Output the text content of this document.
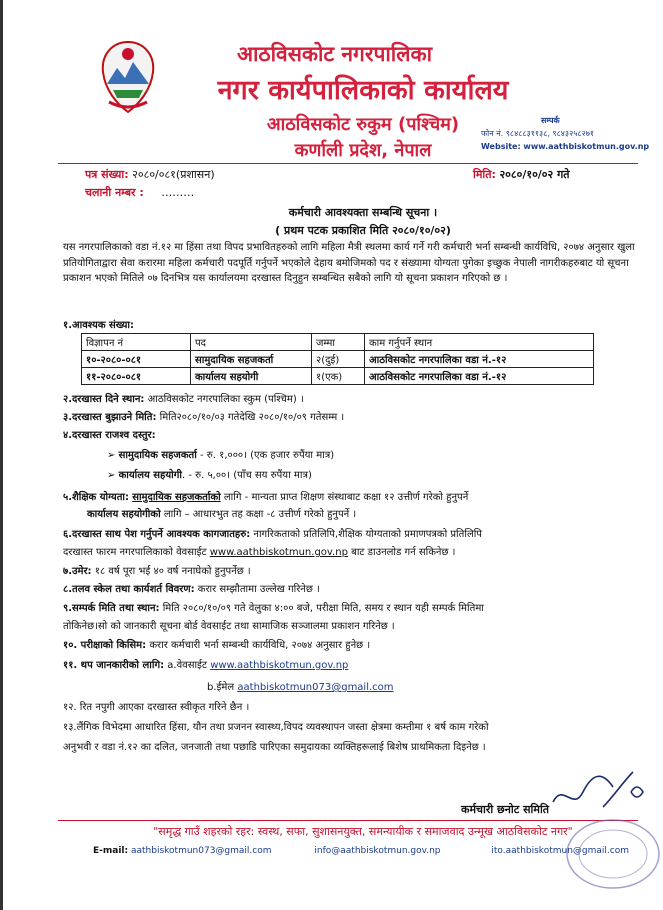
आठविसकोट नगरपालिका
नगर कार्यपालिकाको कार्यालय
आठविसकोट रुकुम (पश्चिम)
कर्णाली प्रदेश, नेपाल
सम्पर्क
फोन नं. ९८४८८३११३८, ९८४३२५८२७१
Website: www.aathbiskotmun.gov.np
पत्र संख्या: २०८०/०८१(प्रशासन)
चलानी नम्बर : ………
मिति: २०८०/१०/०२ गते
कर्मचारी आवश्यक्ता सम्बन्धि सूचना ।
( प्रथम पटक प्रकाशित मिति २०८०/१०/०२)
यस नगरपालिकाको वडा नं.१२ मा हिंसा तथा विपद प्रभावितहरुको लागि महिला मैत्री स्थलमा कार्य गर्ने गरी कर्मचारी भर्ना सम्बन्धी कार्यविधि, २०७४ अनुसार खुला प्रतियोगिताद्वारा सेवा करारमा महिला कर्मचारी पदपूर्ति गर्नुपर्ने भएकोले देहाय बमोजिमको पद र संख्यामा योग्यता पुगेका इच्छुक नेपाली नागरीकहरुबाट यो सूचना प्रकाशन भएको मितिले ०७ दिनभित्र यस कार्यालयमा दरखास्त दिनुहुन सम्बन्धित सबैको लागि यो सूचना प्रकाशन गरिएको छ ।
१.आवश्यक संख्या:
विज्ञापन नं	पद	जम्मा	काम गर्नुपर्ने स्थान
१०-२०८०-०८१	सामुदायिक सहजकर्ता	२(दुई)	आठविसकोट नगरपालिका वडा नं.-१२
११-२०८०-०८१	कार्यालय सहयोगी	१(एक)	आठविसकोट नगरपालिका वडा नं.-१२
२.दरखास्त दिने स्थान: आठविसकोट नगरपालिका स्कुम (पश्चिम) ।
३.दरखास्त बुझाउने मिति: मिति२०८०/१०/०३ गतेदेखि २०८०/१०/०९ गतेसम्म ।
४.दरखास्त राजश्व दस्तुर:
➢ सामुदायिक सहजकर्ता - रु. १,०००। (एक हजार रुपैंया मात्र)
➢ कार्यालय सहयोगी. - रु. ५,००। (पाँच सय रुपैंया मात्र)
५.शैक्षिक योग्यता: सामुदायिक सहजकर्ताको लागि - मान्यता प्राप्त शिक्षण संस्थाबाट कक्षा १२ उत्तीर्ण गरेको हुनुपर्ने
कार्यालय सहयोगीको लागि – आधारभुत तह कक्षा -८ उत्तीर्ण गरेको हुनुपर्ने ।
६.दरखास्त साथ पेश गर्नुपर्ने आवश्यक कागजातहरु: नागरिकताको प्रतिलिपि,शैक्षिक योग्यताको प्रमाणपत्रको प्रतिलिपि
दरखास्त फारम नगरपालिकाको वेवसाईट www.aathbiskotmun.gov.np बाट डाउनलोड गर्न सकिनेछ ।
७.उमेर: १८ वर्ष पूरा भई ४० वर्ष ननाघेको हुनुपर्नेछ ।
८.तलव स्केल तथा कार्यशर्त विवरण: करार सम्झौतामा उल्लेख गरिनेछ ।
९.सम्पर्क मिति तथा स्थान: मिति २०८०/१०/०९ गते वेलुका ४:०० बजे, परीक्षा मिति, समय र स्थान यही सम्पर्क मितिमा
तोकिनेछ।सो को जानकारी सूचना बोर्ड वेवसाईट तथा सामाजिक सञ्जालमा प्रकाशन गरिनेछ ।
१०. परीक्षाको किसिम: करार कर्मचारी भर्ना सम्बन्धी कार्यविधि, २०७४ अनुसार हुनेछ ।
११. थप जानकारीको लागि: a.वेवसाईट www.aathbiskotmun.gov.np
b.ईमेल aathbiskotmun073@gmail.com
१२. रित नपुगी आएका दरखास्त स्वीकृत गरिने छैन ।
१३.लैंगिक विभेदमा आधारित हिंसा, यौन तथा प्रजनन स्वास्थ्य,विपद व्यवस्थापन जस्ता क्षेत्रमा कम्तीमा १ बर्ष काम गरेको
अनुभवी र वडा नं.१२ का दलित, जनजाती तथा पछाडि पारिएका समुदायका व्यक्तिहरूलाई बिशेष प्राथमिकता दिइनेछ ।
कर्मचारी छनोट समिति
"समृद्ध गाउँ शहरको रहर: स्वस्थ, सफा, सुशासनयुक्त, समन्यायीक र समाजवाद उन्मूख आठविसकोट नगर"
E-mail: aathbiskotmun073@gmail.com	info@aathbiskotmun.gov.np	ito.aathbiskotmun@gmail.com
